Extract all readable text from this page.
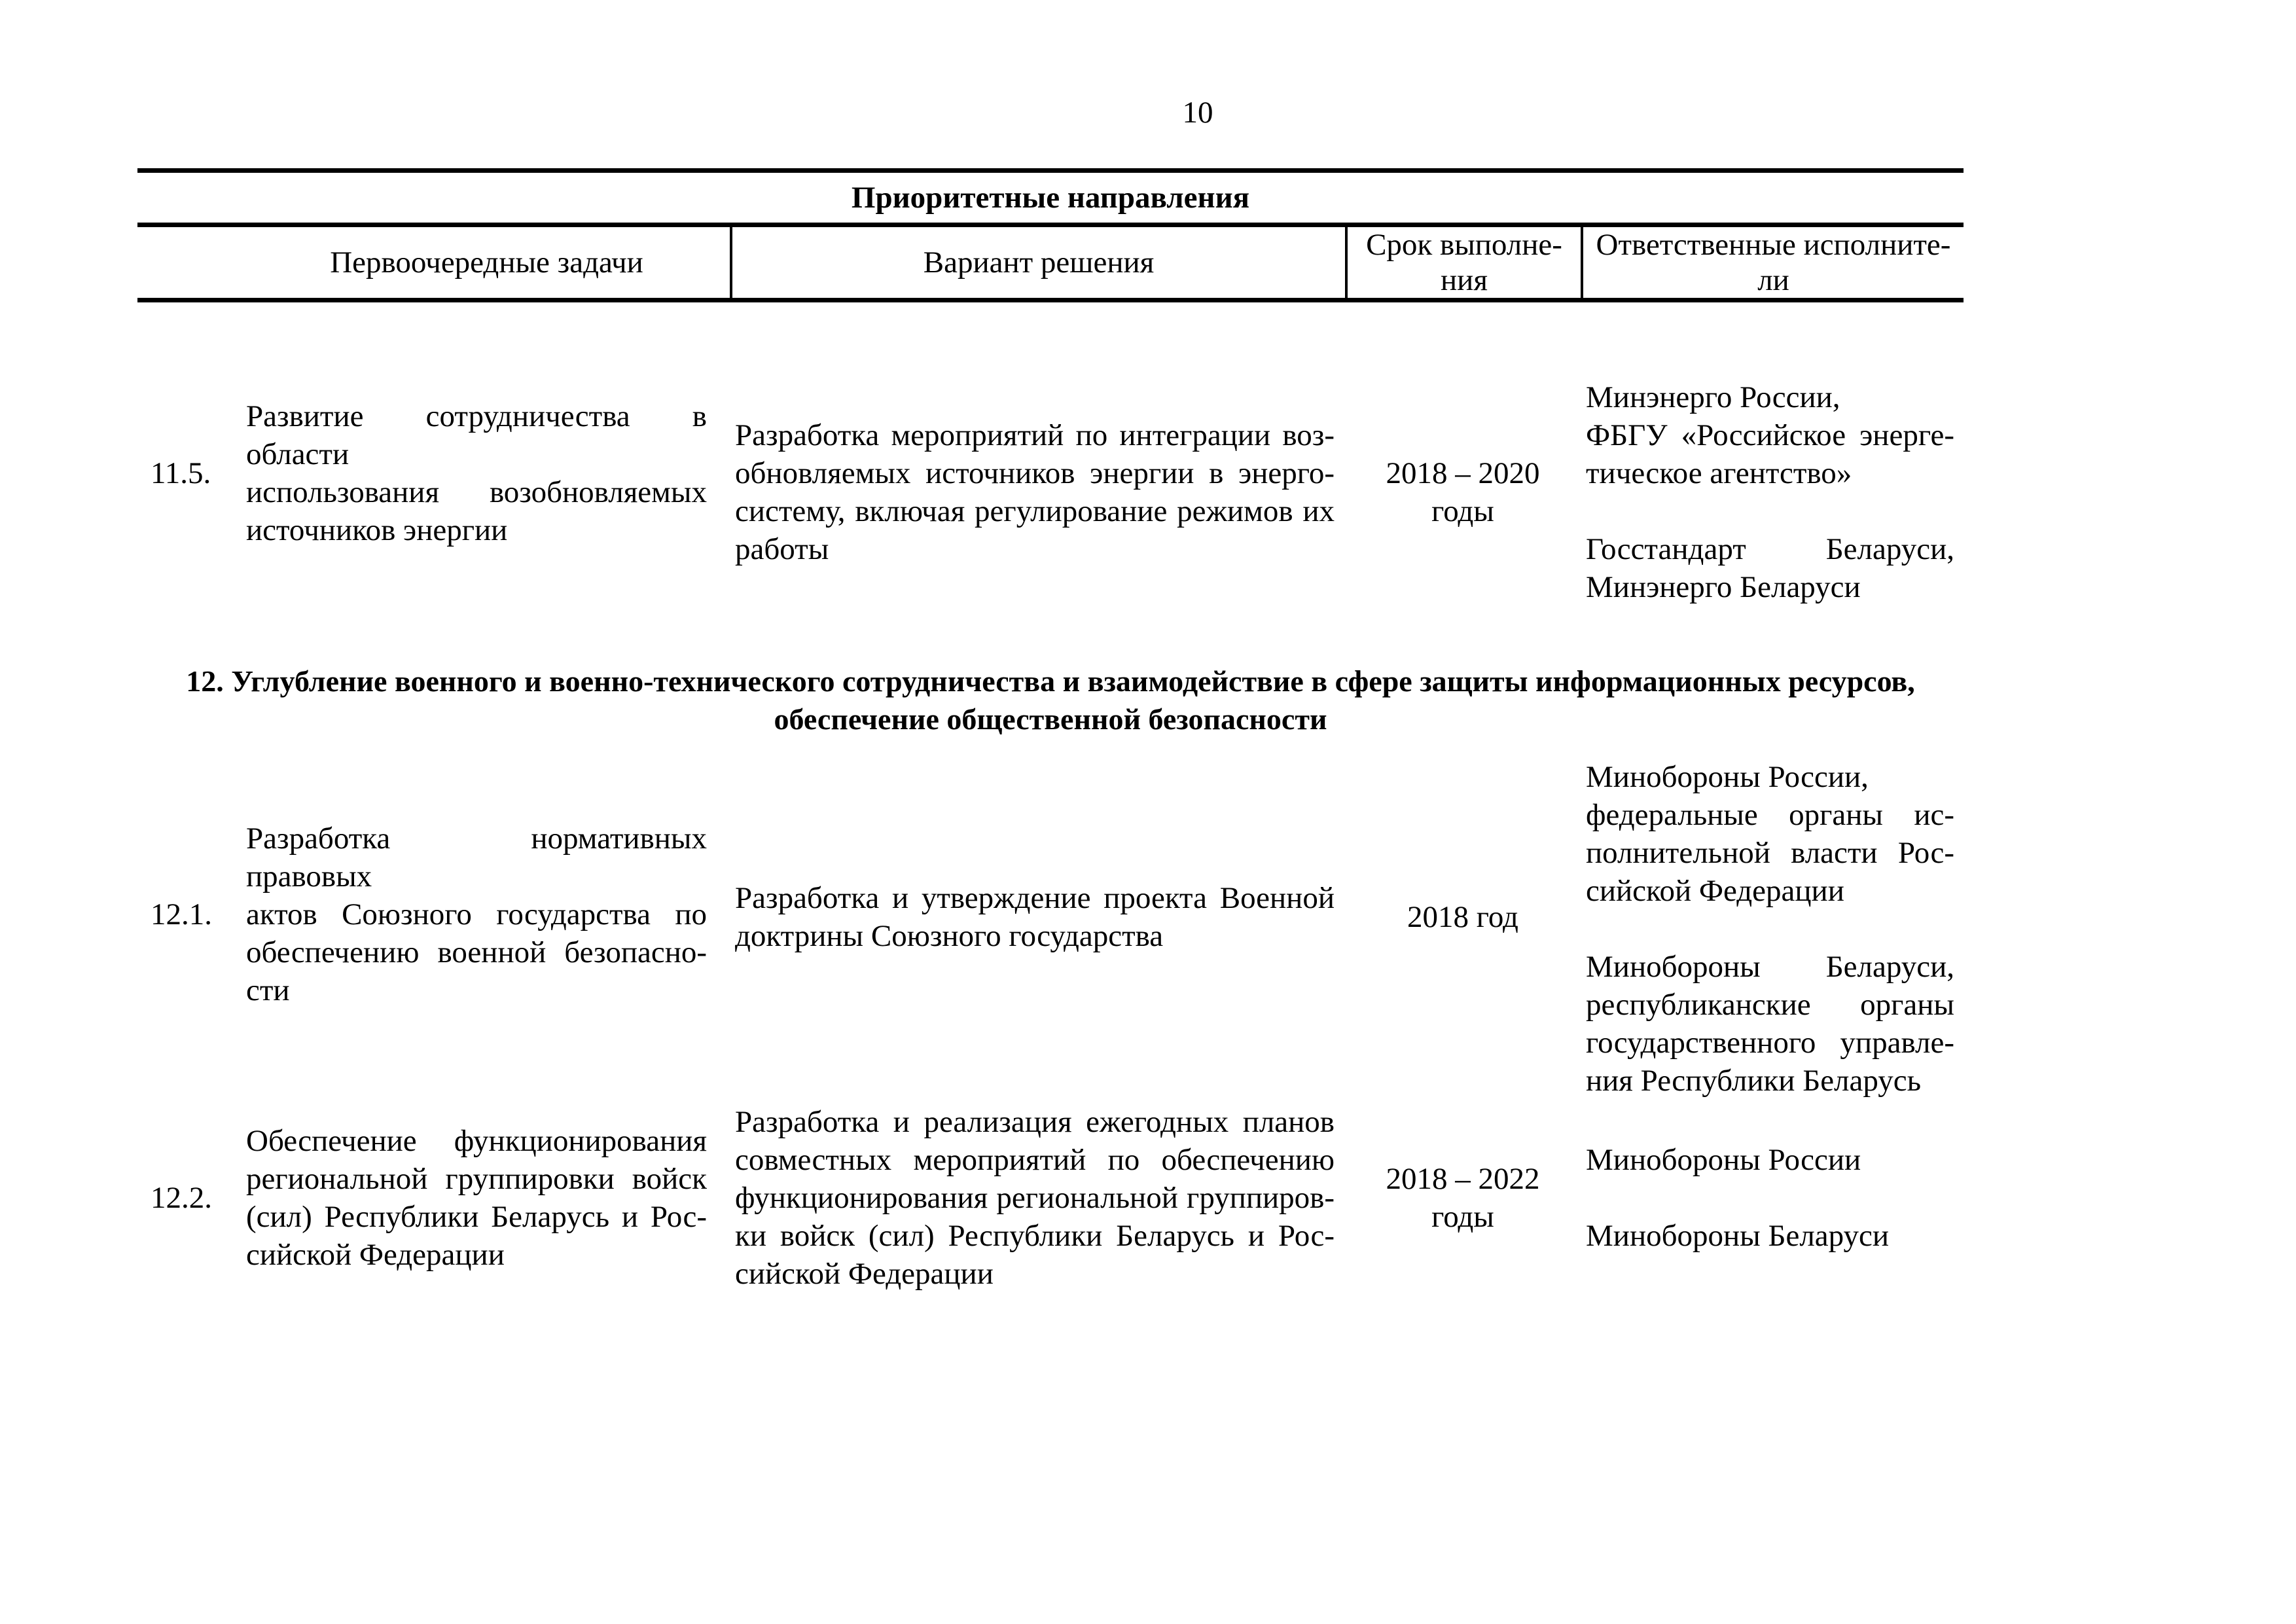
10
Приоритетные направления
Первоочередные задачи	Вариант решения
Срок выполне-
ния
Ответственные исполните-
ли
11.5.
Развитие сотрудничества в области
использования возобновляемых
источников энергии
Разработка мероприятий по интеграции воз-
обновляемых источников энергии в энерго-
систему, включая регулирование режимов их
работы
2018 – 2020
годы
Минэнерго России,
ФБГУ «Российское энерге-
тическое агентство»
Госстандарт Беларуси,
Минэнерго Беларуси
12. Углубление военного и военно-технического сотрудничества и взаимодействие в сфере защиты информационных ресурсов,
обеспечение общественной безопасности
12.1.
Разработка нормативных правовых
актов Союзного государства по
обеспечению военной безопасно-
сти
Разработка и утверждение проекта Военной
доктрины Союзного государства
2018 год
Минобороны России,
федеральные органы ис-
полнительной власти Рос-
сийской Федерации
Минобороны Беларуси,
республиканские органы
государственного управле-
ния Республики Беларусь
12.2.
Обеспечение функционирования
региональной группировки войск
(сил) Республики Беларусь и Рос-
сийской Федерации
Разработка и реализация ежегодных планов
совместных мероприятий по обеспечению
функционирования региональной группиров-
ки войск (сил) Республики Беларусь и Рос-
сийской Федерации
2018 – 2022
годы
Минобороны России
Минобороны Беларуси
